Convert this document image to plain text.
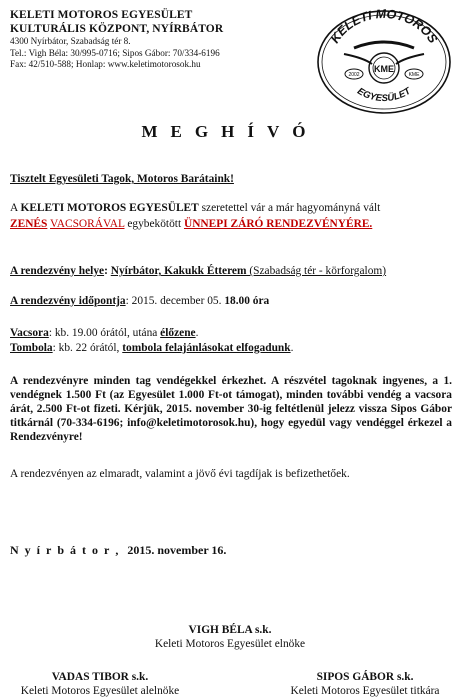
KELETI MOTOROS EGYESÜLET
KULTURÁLIS KÖZPONT, NYÍRBÁTOR
4300 Nyírbátor, Szabadság tér 8.
Tel.: Vigh Béla: 30/995-0716; Sipos Gábor: 70/334-6196
Fax: 42/510-588; Honlap: www.keletimotorosok.hu
KELETI MOTOROS
EGYESÜLET
KME
2002	KME
MEGHÍVÓ
Tisztelt Egyesületi Tagok, Motoros Barátaink!
A KELETI MOTOROS EGYESÜLET szeretettel vár a már hagyományná vált
ZENÉS VACSORÁVAL egybekötött ÜNNEPI ZÁRÓ RENDEZVÉNYÉRE.
A rendezvény helye: Nyírbátor, Kakukk Étterem (Szabadság tér - körforgalom)
A rendezvény időpontja: 2015. december 05. 18.00 óra
Vacsora: kb. 19.00 órától, utána élőzene.
Tombola: kb. 22 órától, tombola felajánlásokat elfogadunk.
A rendezvényre minden tag vendégekkel érkezhet. A részvétel tagoknak ingyenes, a 1. vendégnek 1.500 Ft (az Egyesület 1.000 Ft-ot támogat), minden további vendég a vacsora árát, 2.500 Ft-ot fizeti. Kérjük, 2015. november 30-ig feltétlenül jelezz vissza Sipos Gábor titkárnál (70-334-6196; info@keletimotorosok.hu), hogy egyedül vagy vendéggel érkezel a Rendezvényre!
A rendezvényen az elmaradt, valamint a jövő évi tagdíjak is befizethetőek.
Nyírbátor, 2015. november 16.
VIGH BÉLA s.k.
Keleti Motoros Egyesület elnöke
VADAS TIBOR s.k.
Keleti Motoros Egyesület alelnöke
SIPOS GÁBOR s.k.
Keleti Motoros Egyesület titkára
